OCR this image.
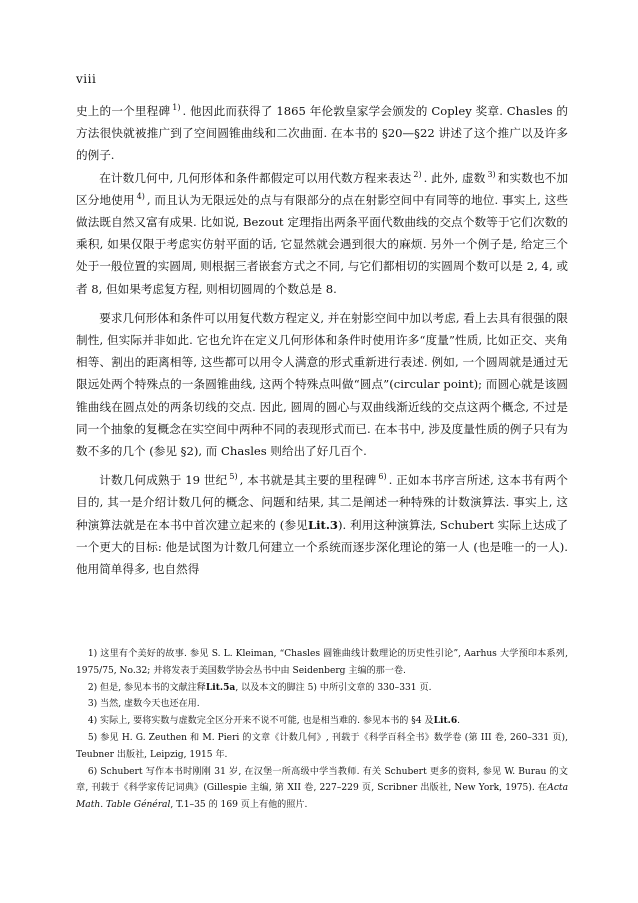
viii

史上的一个里程碑 $^{1)}$ . 他因此而获得了 1865 年伦敦皇家学会颁发的 Copley 奖章. Chasles 的方法很快就被推广到了空间圆锥曲线和二次曲面. 在本书的 §20—§22 讲述了这个推广以及许多的例子.

在计数几何中, 几何形体和条件都假定可以用代数方程来表达 $^{2)}$ . 此外, 虚数 $^{3)}$ 和实数也不加区分地使用 $^{4)}$ , 而且认为无限远处的点与有限部分的点在射影空间中有同等的地位. 事实上, 这些做法既自然又富有成果. 比如说, Bezout 定理指出两条平面代数曲线的交点个数等于它们次数的乘积, 如果仅限于考虑实仿射平面的话, 它显然就会遇到很大的麻烦. 另外一个例子是, 给定三个处于一般位置的实圆周, 则根据三者嵌套方式之不同, 与它们都相切的实圆周个数可以是 2, 4, 或者 8, 但如果考虑复方程, 则相切圆周的个数总是 8.

要求几何形体和条件可以用复代数方程定义, 并在射影空间中加以考虑, 看上去具有很强的限制性, 但实际并非如此. 它也允许在定义几何形体和条件时使用许多“度量”性质, 比如正交、夹角相等、割出的距离相等, 这些都可以用令人满意的形式重新进行表述. 例如, 一个圆周就是通过无限远处两个特殊点的一条圆锥曲线, 这两个特殊点叫做“圆点”(circular point); 而圆心就是该圆锥曲线在圆点处的两条切线的交点. 因此, 圆周的圆心与双曲线渐近线的交点这两个概念, 不过是同一个抽象的复概念在实空间中两种不同的表现形式而已. 在本书中, 涉及度量性质的例子只有为数不多的几个 (参见 §2), 而 Chasles 则给出了好几百个.

计数几何成熟于 19 世纪 $^{5)}$ , 本书就是其主要的里程碑 $^{6)}$ . 正如本书序言所述, 这本书有两个目的, 其一是介绍计数几何的概念、问题和结果, 其二是阐述一种特殊的计数演算法. 事实上, 这种演算法就是在本书中首次建立起来的 (参见Lit.3). 利用这种演算法, Schubert 实际上达成了一个更大的目标: 他是试图为计数几何建立一个系统而逐步深化理论的第一人 (也是唯一的一人). 他用简单得多, 也自然得

1) 这里有个美好的故事. 参见 S. L. Kleiman, “Chasles 圆锥曲线计数理论的历史性引论”, Aarhus 大学预印本系列, 1975/75, No.32; 并将发表于美国数学协会丛书中由 Seidenberg 主编的那一卷.

2) 但是, 参见本书的文献注释Lit.5a, 以及本文的脚注 5) 中所引文章的 330–331 页.

3) 当然, 虚数今天也还在用.

4) 实际上, 要将实数与虚数完全区分开来不说不可能, 也是相当难的. 参见本书的 §4 及Lit.6.

5) 参见 H. G. Zeuthen 和 M. Pieri 的文章《计数几何》, 刊载于《科学百科全书》数学卷 (第 III 卷, 260–331 页), Teubner 出版社, Leipzig, 1915 年.

6) Schubert 写作本书时刚刚 31 岁, 在汉堡一所高级中学当教师. 有关 Schubert 更多的资料, 参见 W. Burau 的文章, 刊载于《科学家传记词典》(Gillespie 主编, 第 XII 卷, 227–229 页, Scribner 出版社, New York, 1975). 在Acta Math. Table Général, T.1–35 的 169 页上有他的照片.
